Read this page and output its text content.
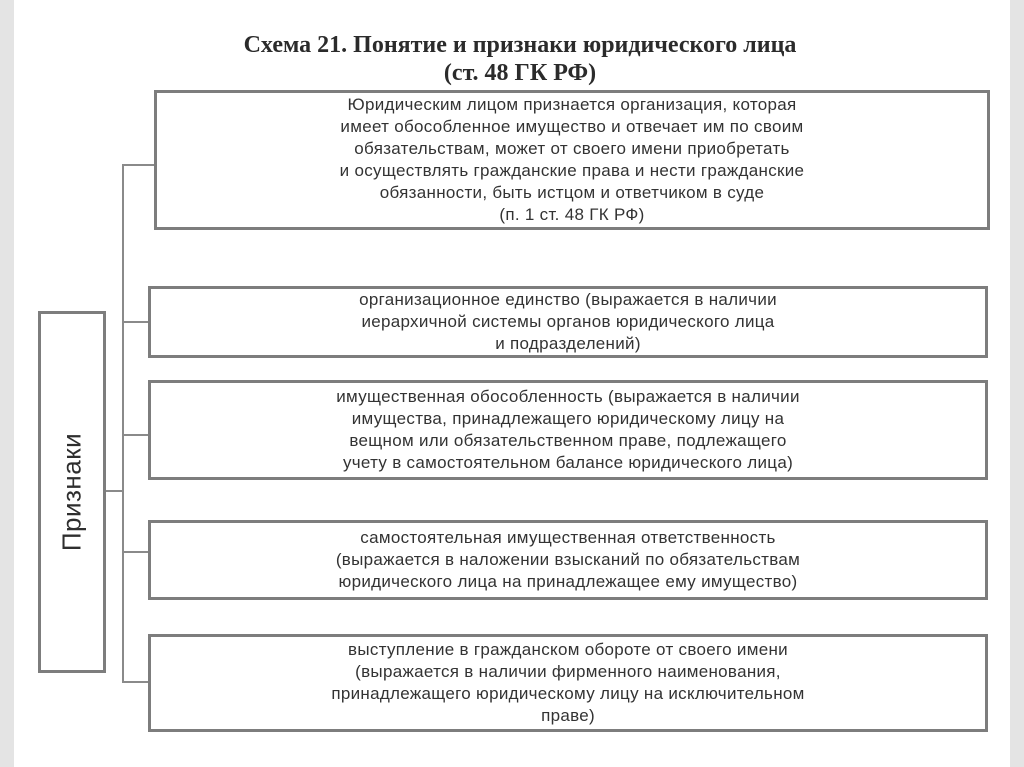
Схема 21. Понятие и признаки юридического лица
(ст. 48 ГК РФ)
Признаки
Юридическим лицом признается организация, которая
имеет обособленное имущество и отвечает им по своим
обязательствам, может от своего имени приобретать
и осуществлять гражданские права и нести гражданские
обязанности, быть истцом и ответчиком в суде
(п. 1 ст. 48 ГК РФ)
организационное единство (выражается в наличии
иерархичной системы органов юридического лица
и подразделений)
имущественная обособленность (выражается в наличии
имущества, принадлежащего юридическому лицу на
вещном или обязательственном праве, подлежащего
учету в самостоятельном балансе юридического лица)
самостоятельная имущественная ответственность
(выражается в наложении взысканий по обязательствам
юридического лица на принадлежащее ему имущество)
выступление в гражданском обороте от своего имени
(выражается в наличии фирменного наименования,
принадлежащего юридическому лицу на исключительном
праве)
